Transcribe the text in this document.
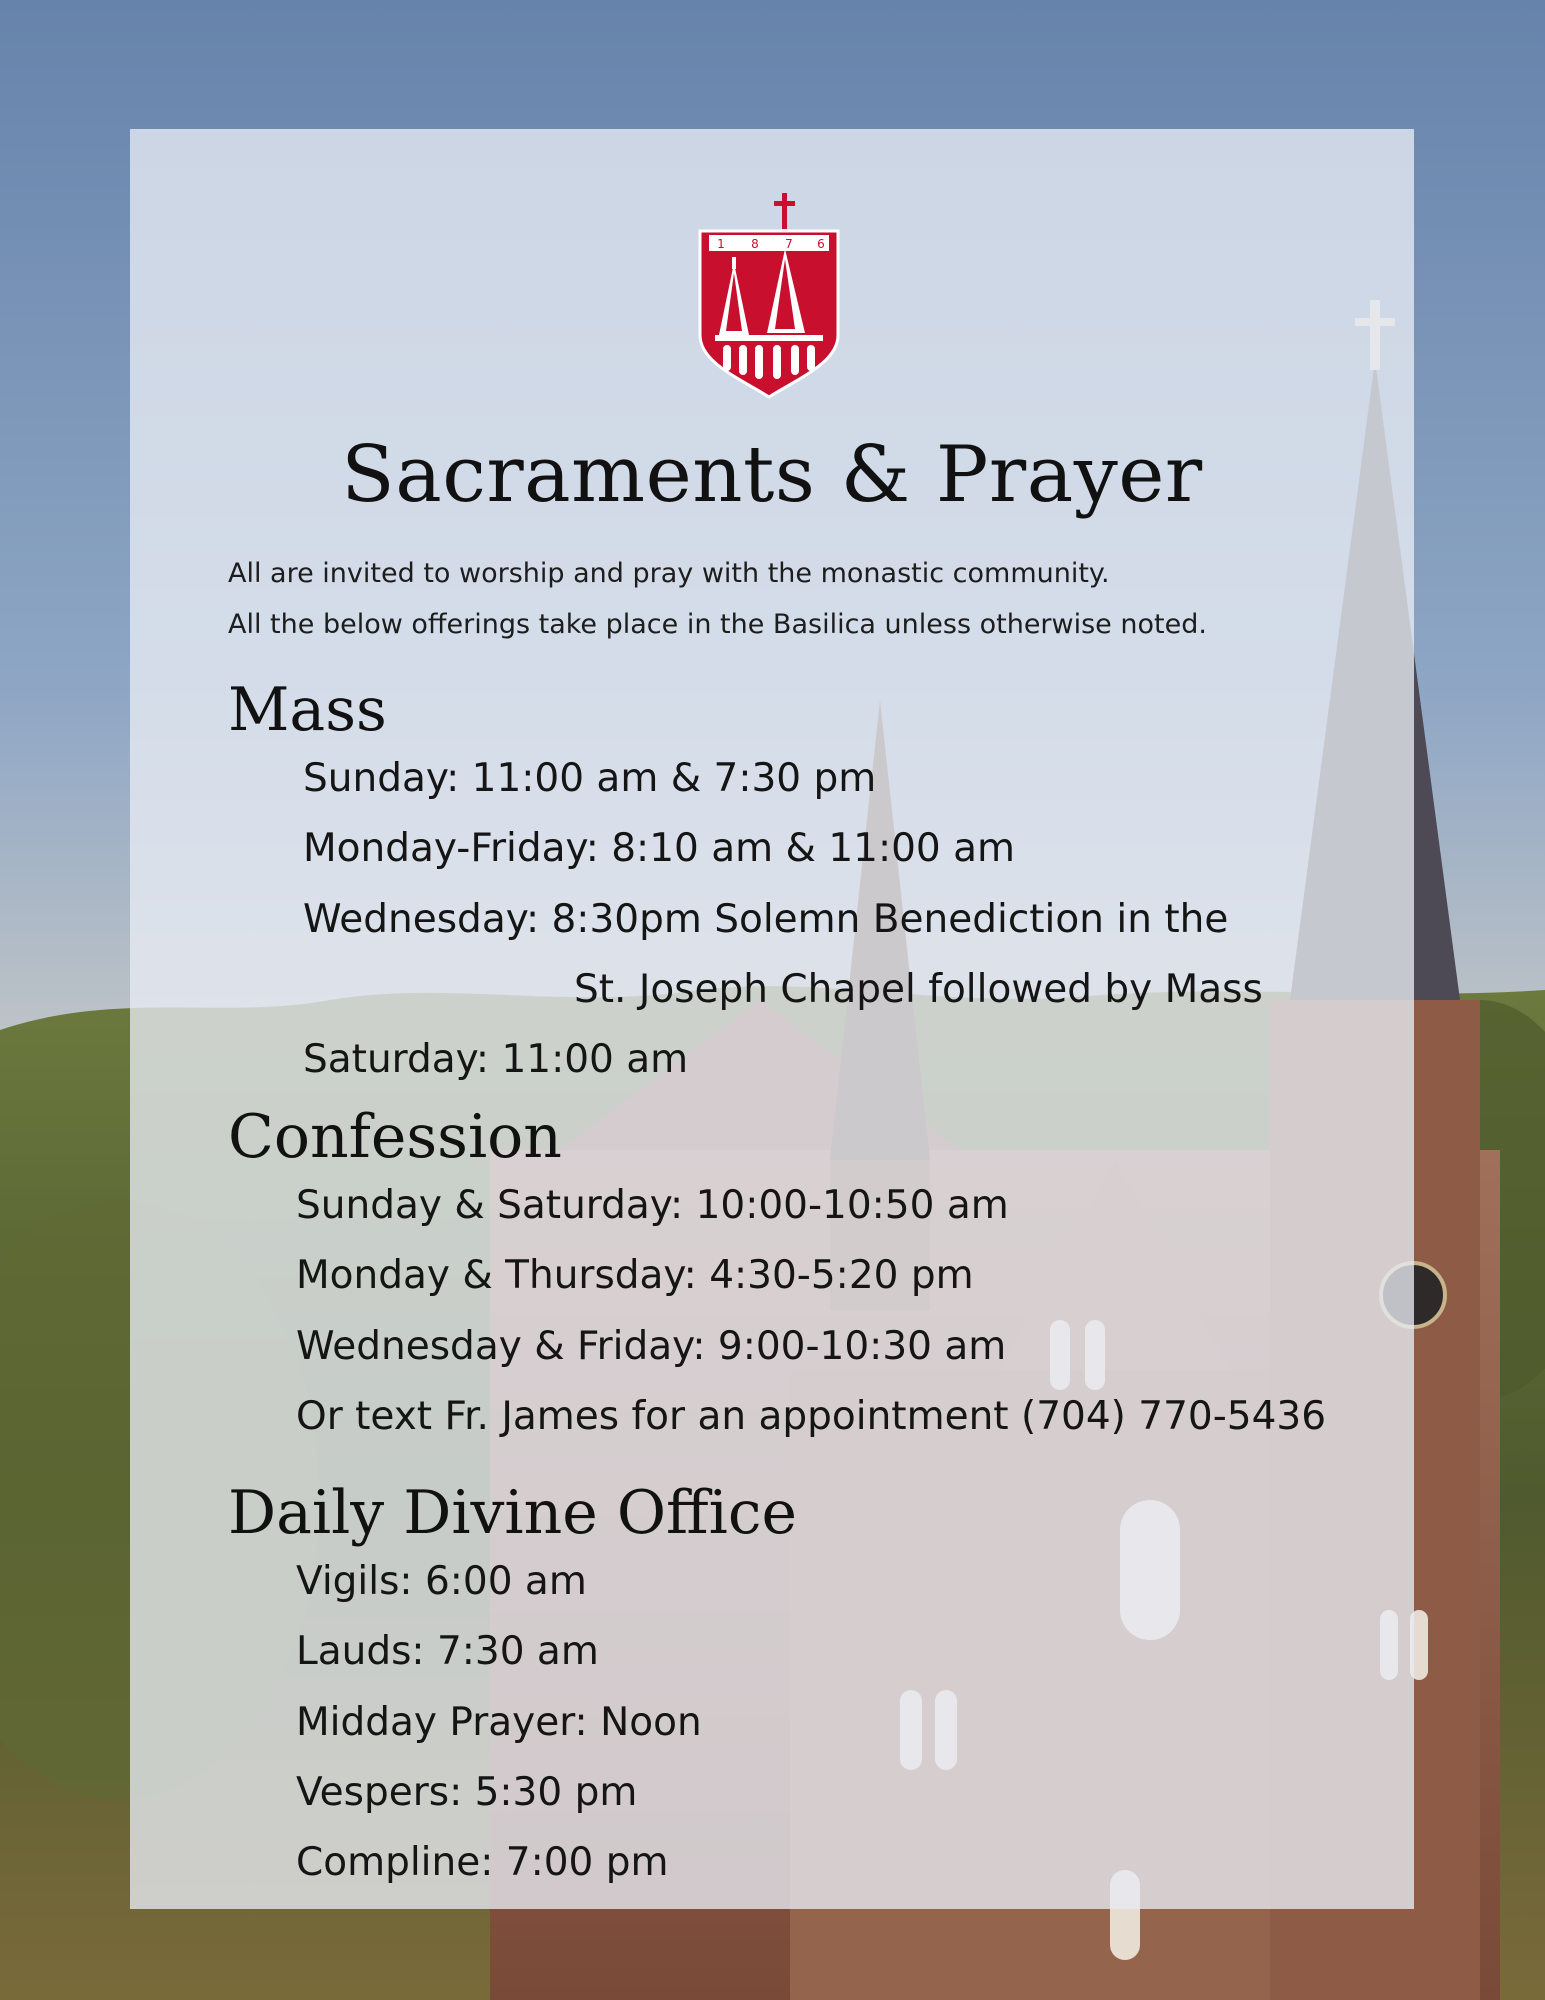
1 8 7 6
Sacraments & Prayer
All are invited to worship and pray with the monastic community.
All the below offerings take place in the Basilica unless otherwise noted.
Mass
Sunday: 11:00 am & 7:30 pm
Monday-Friday: 8:10 am & 11:00 am
Wednesday: 8:30pm Solemn Benediction in the
St. Joseph Chapel followed by Mass
Saturday: 11:00 am
Confession
Sunday & Saturday: 10:00-10:50 am
Monday & Thursday: 4:30-5:20 pm
Wednesday & Friday: 9:00-10:30 am
Or text Fr. James for an appointment (704) 770-5436
Daily Divine Office
Vigils: 6:00 am
Lauds: 7:30 am
Midday Prayer: Noon
Vespers: 5:30 pm
Compline: 7:00 pm
